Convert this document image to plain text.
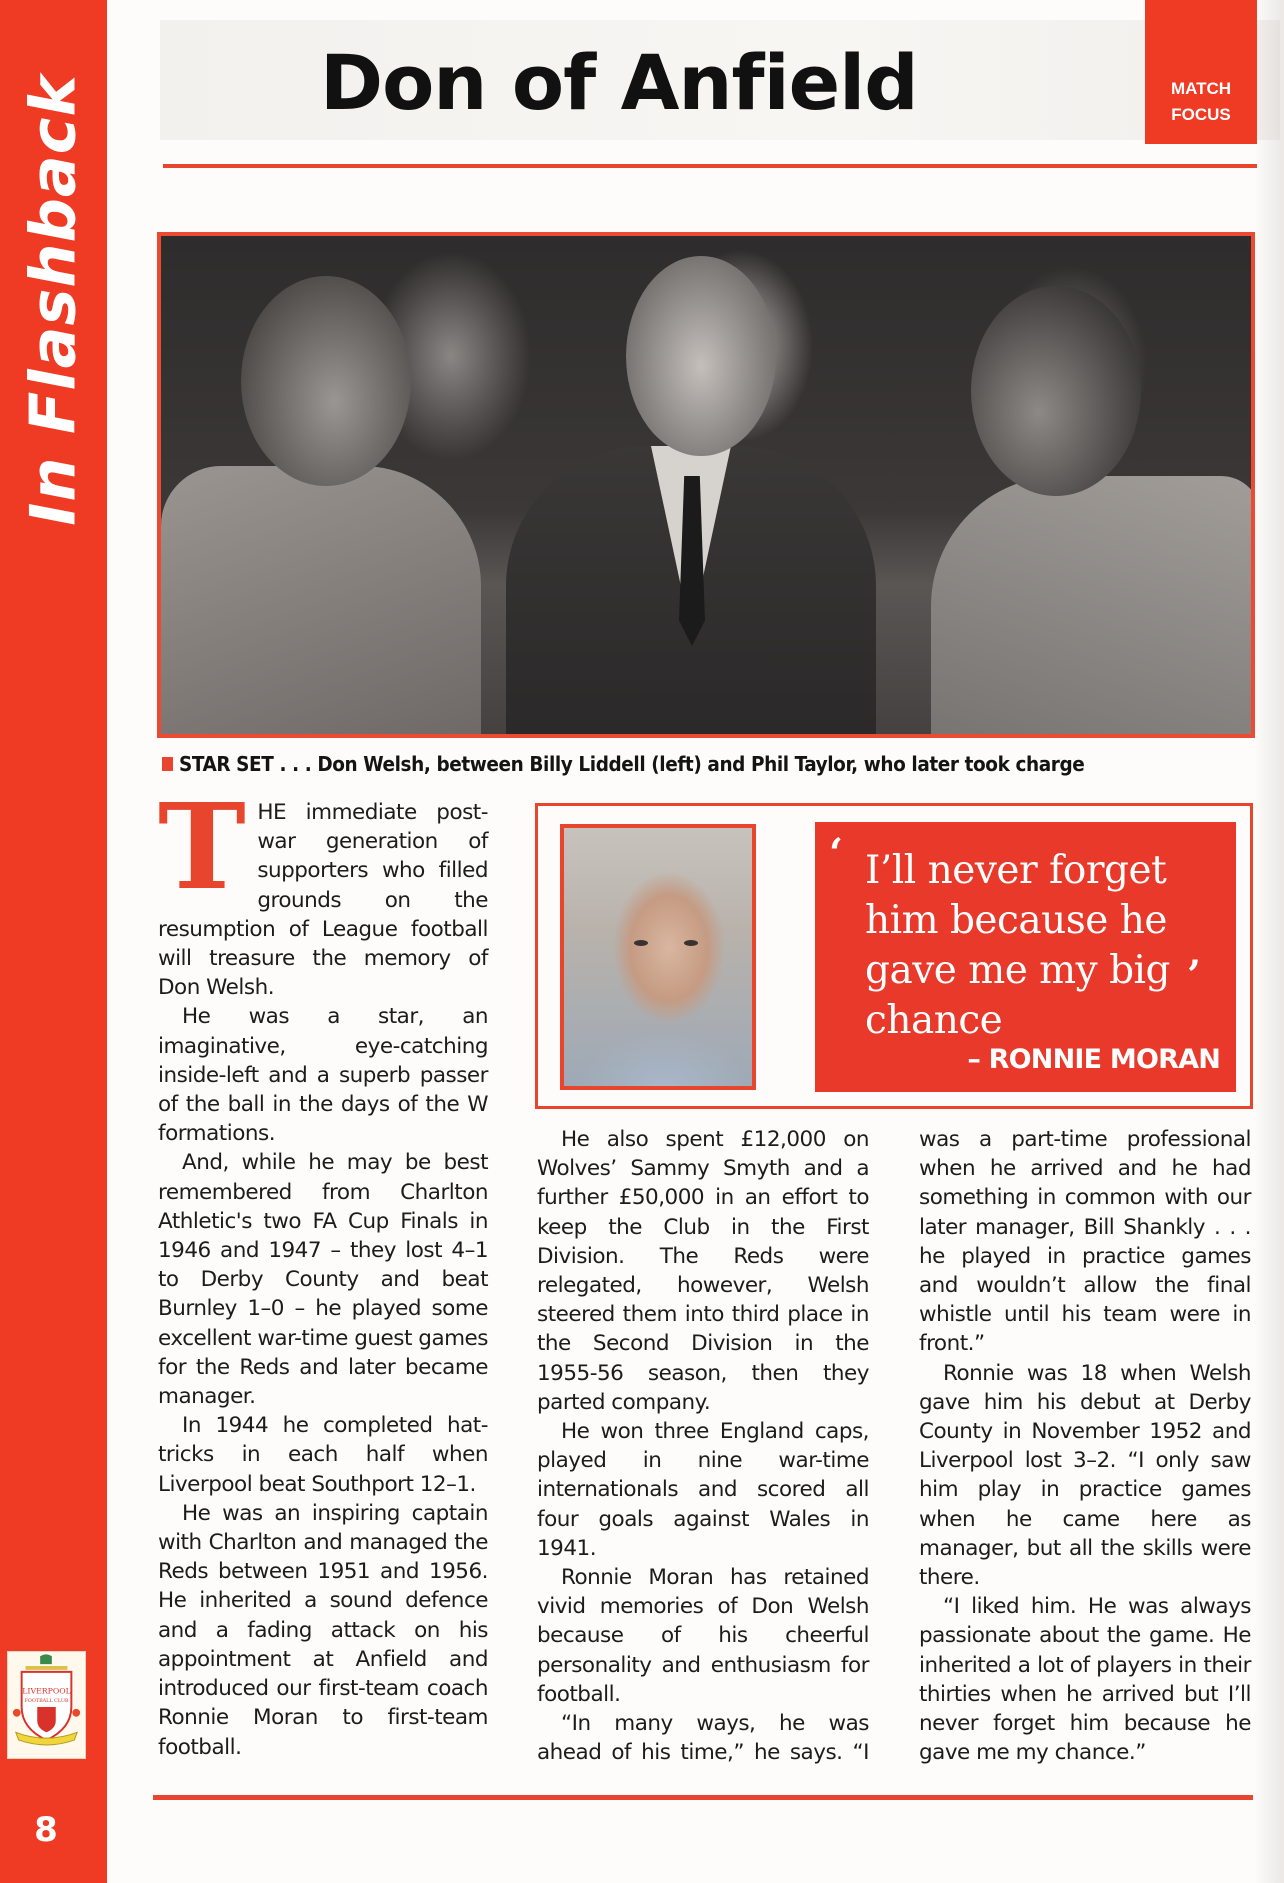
In Flashback
LIVERPOOL
FOOTBALL CLUB
8
Don of Anfield	MATCH
FOCUS
STAR SET . . . Don Welsh, between Billy Liddell (left) and Phil Taylor, who later took charge

THE immediate post-war generation of supporters who filled grounds on the resumption of League football will treasure the memory of Don Welsh.

He was a star, an imaginative, eye-catching inside-left and a superb passer of the ball in the days of the W formations.

And, while he may be best remembered from Charlton Athletic's two FA Cup Finals in 1946 and 1947 – they lost 4–1 to Derby County and beat Burnley 1–0 – he played some excellent war-time guest games for the Reds and later became manager.

In 1944 he completed hat-tricks in each half when Liverpool beat Southport 12–1.

He was an inspiring captain with Charlton and managed the Reds between 1951 and 1956. He inherited a sound defence and a fading attack on his appointment at Anfield and introduced our first-team coach Ronnie Moran to first-team football.

‘ I’ll never forget him because he gave me my big chance
’
– RONNIE MORAN

He also spent £12,000 on Wolves’ Sammy Smyth and a further £50,000 in an effort to keep the Club in the First Division. The Reds were relegated, however, Welsh steered them into third place in the Second Division in the 1955-56 season, then they parted company.

He won three England caps, played in nine war-time internationals and scored all four goals against Wales in 1941.

Ronnie Moran has retained vivid memories of Don Welsh because of his cheerful personality and enthusiasm for football.

“In many ways, he was ahead of his time,” he says. “I

was a part-time professional when he arrived and he had something in common with our later manager, Bill Shankly . . . he played in practice games and wouldn’t allow the final whistle until his team were in front.”

Ronnie was 18 when Welsh gave him his debut at Derby County in November 1952 and Liverpool lost 3–2. “I only saw him play in practice games when he came here as manager, but all the skills were there.

“I liked him. He was always passionate about the game. He inherited a lot of players in their thirties when he arrived but I’ll never forget him because he gave me my chance.”
